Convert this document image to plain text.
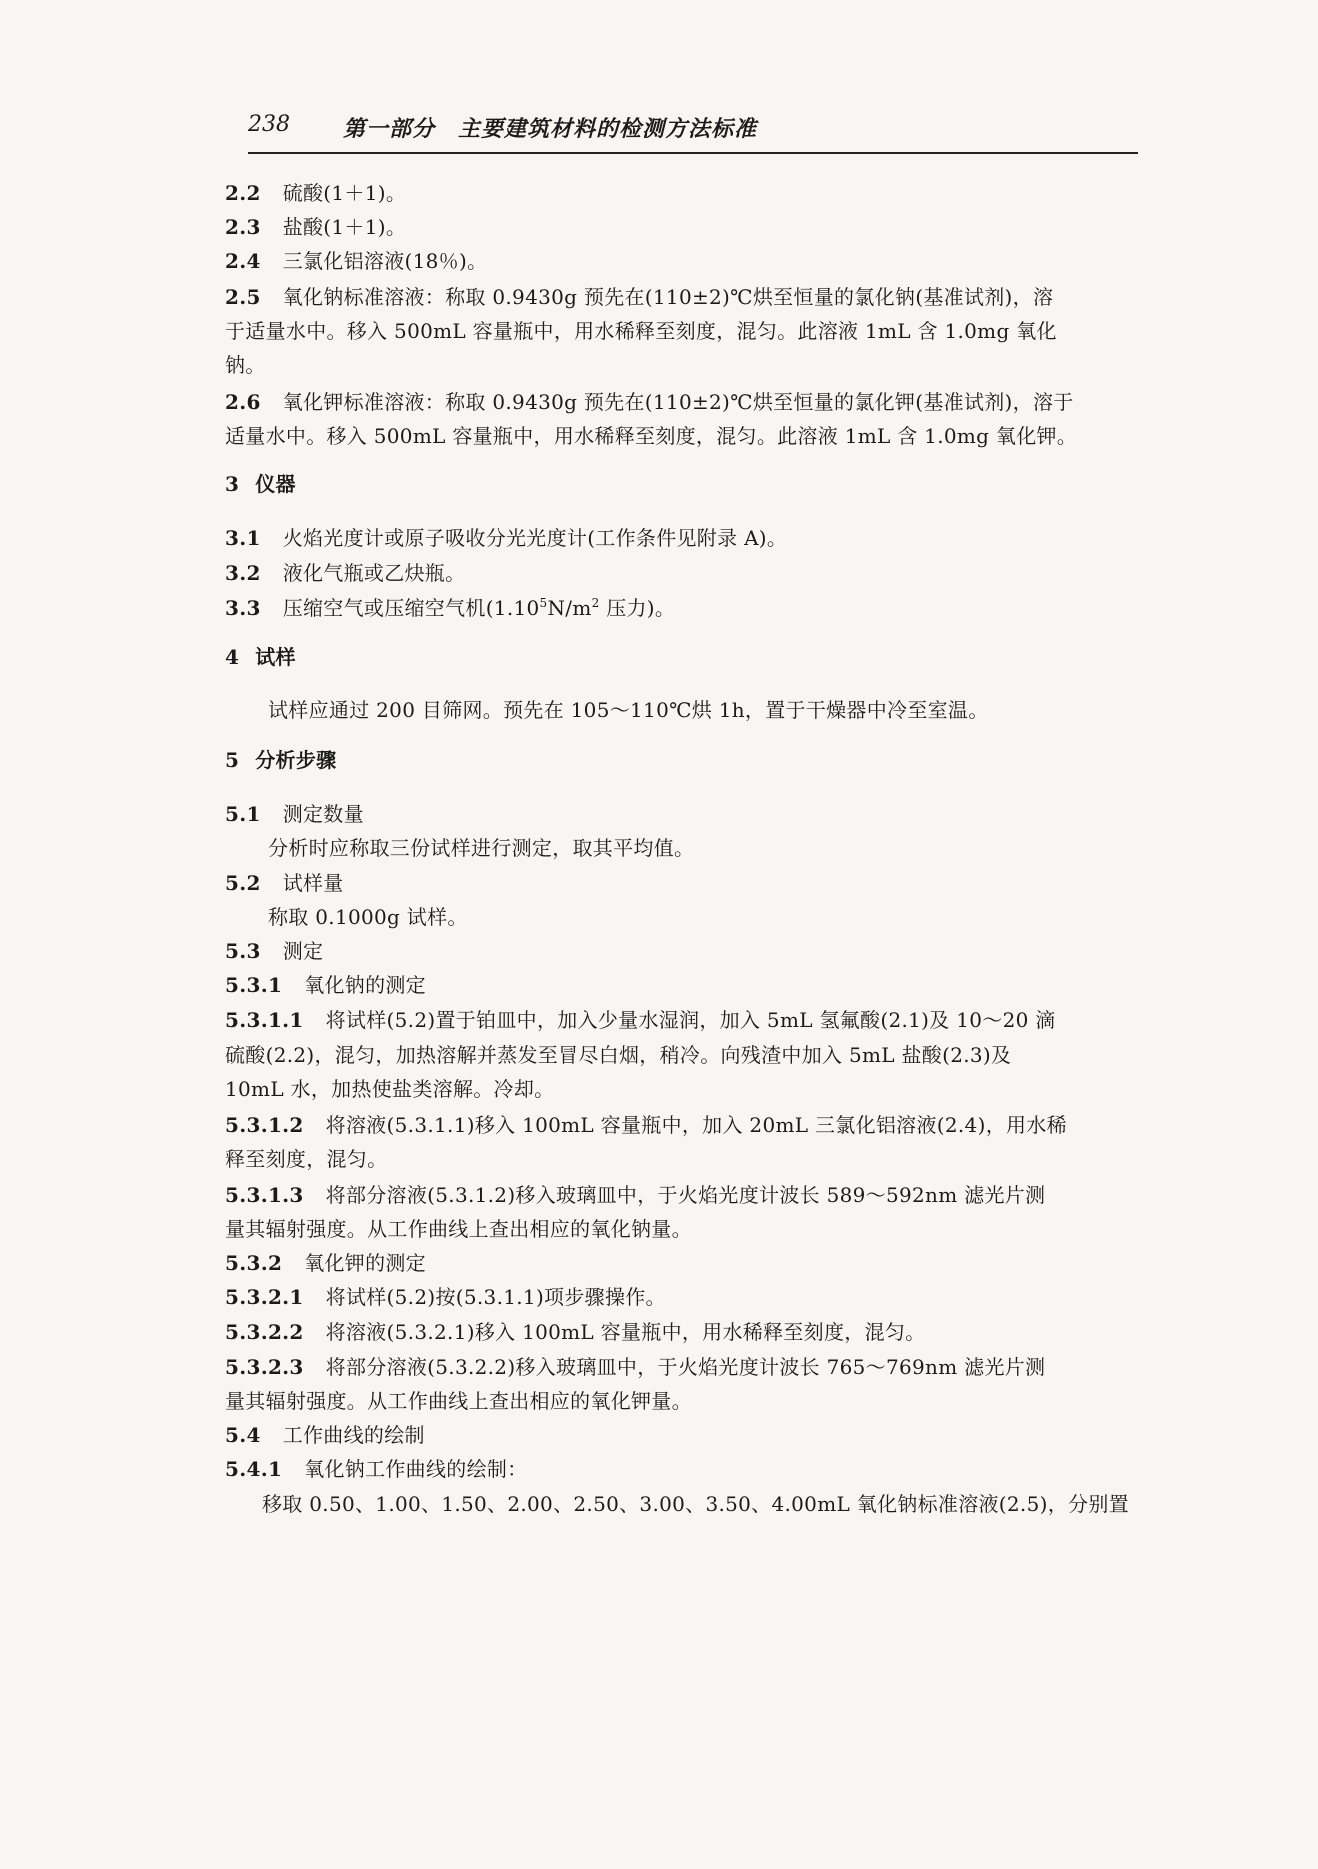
238 第一部分　主要建筑材料的检测方法标准
2.2 硫酸(1＋1)。
2.3 盐酸(1＋1)。
2.4 三氯化铝溶液(18％)。
2.5 氧化钠标准溶液：称取 0.9430g 预先在(110±2)℃烘至恒量的氯化钠(基准试剂)，溶
于适量水中。移入 500mL 容量瓶中，用水稀释至刻度，混匀。此溶液 1mL 含 1.0mg 氧化
钠。
2.6 氧化钾标准溶液：称取 0.9430g 预先在(110±2)℃烘至恒量的氯化钾(基准试剂)，溶于
适量水中。移入 500mL 容量瓶中，用水稀释至刻度，混匀。此溶液 1mL 含 1.0mg 氧化钾。
3 仪器
3.1 火焰光度计或原子吸收分光光度计(工作条件见附录 A)。
3.2 液化气瓶或乙炔瓶。
3.3 压缩空气或压缩空气机($1.10^5N/m^2$ 压力)。
4 试样
试样应通过 200 目筛网。预先在 105～110℃烘 1h，置于干燥器中冷至室温。
5 分析步骤
5.1 测定数量
分析时应称取三份试样进行测定，取其平均值。
5.2 试样量
称取 0.1000g 试样。
5.3 测定
5.3.1 氧化钠的测定
5.3.1.1 将试样(5.2)置于铂皿中，加入少量水湿润，加入 5mL 氢氟酸(2.1)及 10～20 滴
硫酸(2.2)，混匀，加热溶解并蒸发至冒尽白烟，稍冷。向残渣中加入 5mL 盐酸(2.3)及
10mL 水，加热使盐类溶解。冷却。
5.3.1.2 将溶液(5.3.1.1)移入 100mL 容量瓶中，加入 20mL 三氯化铝溶液(2.4)，用水稀
释至刻度，混匀。
5.3.1.3 将部分溶液(5.3.1.2)移入玻璃皿中，于火焰光度计波长 589～592nm 滤光片测
量其辐射强度。从工作曲线上查出相应的氧化钠量。
5.3.2 氧化钾的测定
5.3.2.1 将试样(5.2)按(5.3.1.1)项步骤操作。
5.3.2.2 将溶液(5.3.2.1)移入 100mL 容量瓶中，用水稀释至刻度，混匀。
5.3.2.3 将部分溶液(5.3.2.2)移入玻璃皿中，于火焰光度计波长 765～769nm 滤光片测
量其辐射强度。从工作曲线上查出相应的氧化钾量。
5.4 工作曲线的绘制
5.4.1 氧化钠工作曲线的绘制：
移取 0.50、1.00、1.50、2.00、2.50、3.00、3.50、4.00mL 氧化钠标准溶液(2.5)，分别置
